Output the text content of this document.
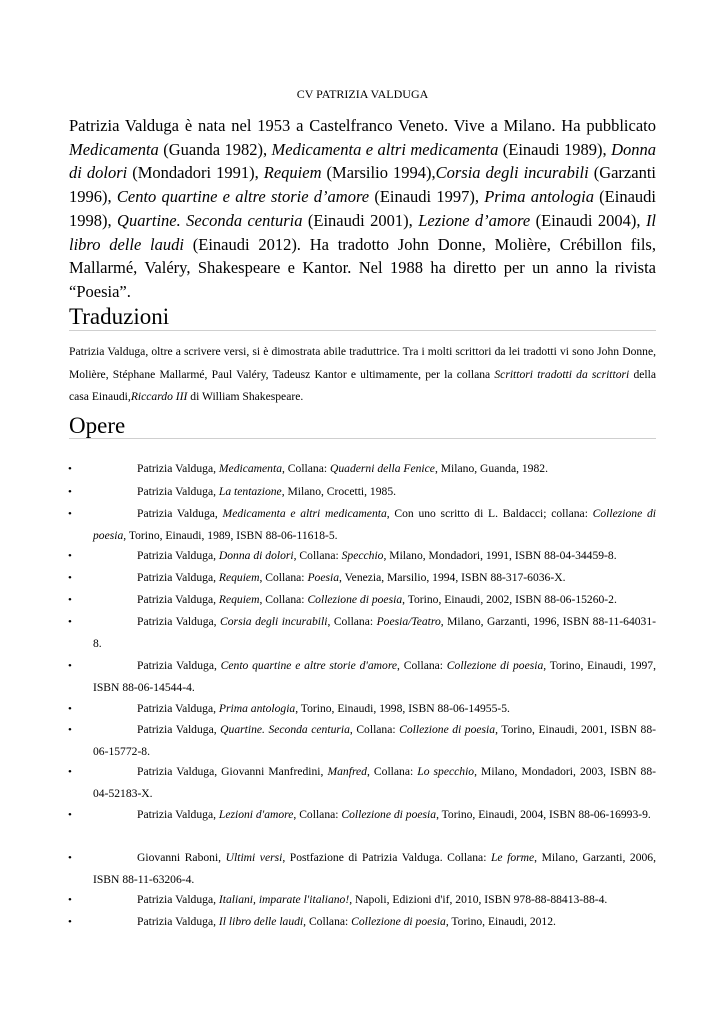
CV PATRIZIA VALDUGA

Patrizia Valduga è nata nel 1953 a Castelfranco Veneto. Vive a Milano. Ha pubblicato Medicamenta (Guanda 1982), Medicamenta e altri medicamenta (Einaudi 1989), Donna di dolori (Mondadori 1991), Requiem (Marsilio 1994),Corsia degli incurabili (Garzanti 1996), Cento quartine e altre storie d’amore (Einaudi 1997), Prima antologia (Einaudi 1998), Quartine. Seconda centuria (Einaudi 2001), Lezione d’amore (Einaudi 2004), Il libro delle laudi (Einaudi 2012). Ha tradotto John Donne, Molière, Crébillon fils, Mallarmé, Valéry, Shakespeare e Kantor. Nel 1988 ha diretto per un anno la rivista “Poesia”.

Traduzioni

Patrizia Valduga, oltre a scrivere versi, si è dimostrata abile traduttrice. Tra i molti scrittori da lei tradotti vi sono John Donne, Molière, Stéphane Mallarmé, Paul Valéry, Tadeusz Kantor e ultimamente, per la collana Scrittori tradotti da scrittori della casa Einaudi,Riccardo III di William Shakespeare.

Opere
•	Patrizia Valduga, Medicamenta, Collana: Quaderni della Fenice, Milano, Guanda, 1982.
•	Patrizia Valduga, La tentazione, Milano, Crocetti, 1985.
•	Patrizia Valduga, Medicamenta e altri medicamenta, Con uno scritto di L. Baldacci; collana: Collezione di poesia, Torino, Einaudi, 1989, ISBN 88-06-11618-5.
•	Patrizia Valduga, Donna di dolori, Collana: Specchio, Milano, Mondadori, 1991, ISBN 88-04-34459-8.
•	Patrizia Valduga, Requiem, Collana: Poesia, Venezia, Marsilio, 1994, ISBN 88-317-6036-X.
•	Patrizia Valduga, Requiem, Collana: Collezione di poesia, Torino, Einaudi, 2002, ISBN 88-06-15260-2.
•	Patrizia Valduga, Corsia degli incurabili, Collana: Poesia/Teatro, Milano, Garzanti, 1996, ISBN 88-11-64031-8.
•	Patrizia Valduga, Cento quartine e altre storie d'amore, Collana: Collezione di poesia, Torino, Einaudi, 1997, ISBN 88-06-14544-4.
•	Patrizia Valduga, Prima antologia, Torino, Einaudi, 1998, ISBN 88-06-14955-5.
•	Patrizia Valduga, Quartine. Seconda centuria, Collana: Collezione di poesia, Torino, Einaudi, 2001, ISBN 88-06-15772-8.
•	Patrizia Valduga, Giovanni Manfredini, Manfred, Collana: Lo specchio, Milano, Mondadori, 2003, ISBN 88-04-52183-X.
•	Patrizia Valduga, Lezioni d'amore, Collana: Collezione di poesia, Torino, Einaudi, 2004, ISBN 88-06-16993-9.
•	Giovanni Raboni, Ultimi versi, Postfazione di Patrizia Valduga. Collana: Le forme, Milano, Garzanti, 2006, ISBN 88-11-63206-4.
•	Patrizia Valduga, Italiani, imparate l'italiano!, Napoli, Edizioni d'if, 2010, ISBN 978-88-88413-88-4.
•	Patrizia Valduga, Il libro delle laudi, Collana: Collezione di poesia, Torino, Einaudi, 2012.
